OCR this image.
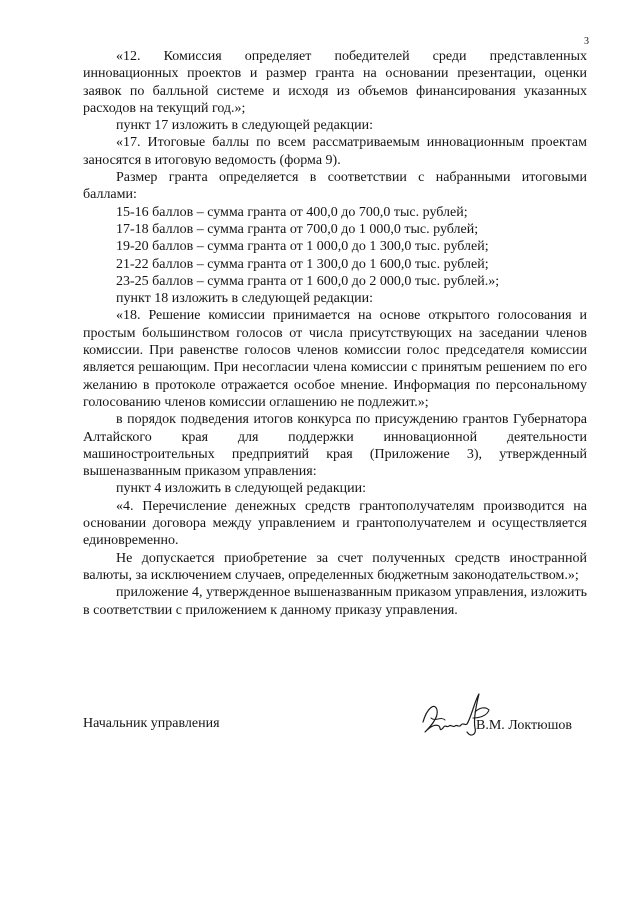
3

«12. Комиссия определяет победителей среди представленных инновационных проектов и размер гранта на основании презентации, оценки заявок по балльной системе и исходя из объемов финансирования указанных расходов на текущий год.»;

пункт 17 изложить в следующей редакции:

«17. Итоговые баллы по всем рассматриваемым инновационным проектам заносятся в итоговую ведомость (форма 9).

Размер гранта определяется в соответствии с набранными итоговыми баллами:

15-16 баллов – сумма гранта от 400,0 до 700,0 тыс. рублей;

17-18 баллов – сумма гранта от 700,0 до 1 000,0 тыс. рублей;

19-20 баллов – сумма гранта от 1 000,0 до 1 300,0 тыс. рублей;

21-22 баллов – сумма гранта от 1 300,0 до 1 600,0 тыс. рублей;

23-25 баллов – сумма гранта от 1 600,0 до 2 000,0 тыс. рублей.»;

пункт 18 изложить в следующей редакции:

«18. Решение комиссии принимается на основе открытого голосования и простым большинством голосов от числа присутствующих на заседании членов комиссии. При равенстве голосов членов комиссии голос председателя комиссии является решающим. При несогласии члена комиссии с принятым решением по его желанию в протоколе отражается особое мнение. Информация по персональному голосованию членов комиссии оглашению не подлежит.»;

в порядок подведения итогов конкурса по присуждению грантов Губернатора Алтайского края для поддержки инновационной деятельности машиностроительных предприятий края (Приложение 3), утвержденный вышеназванным приказом управления:

пункт 4 изложить в следующей редакции:

«4. Перечисление денежных средств грантополучателям производится на основании договора между управлением и грантополучателем и осуществляется единовременно.

Не допускается приобретение за счет полученных средств иностранной валюты, за исключением случаев, определенных бюджетным законодательством.»;

приложение 4, утвержденное вышеназванным приказом управления, изложить в соответствии с приложением к данному приказу управления.

Начальник управления	В.М. Локтюшов
